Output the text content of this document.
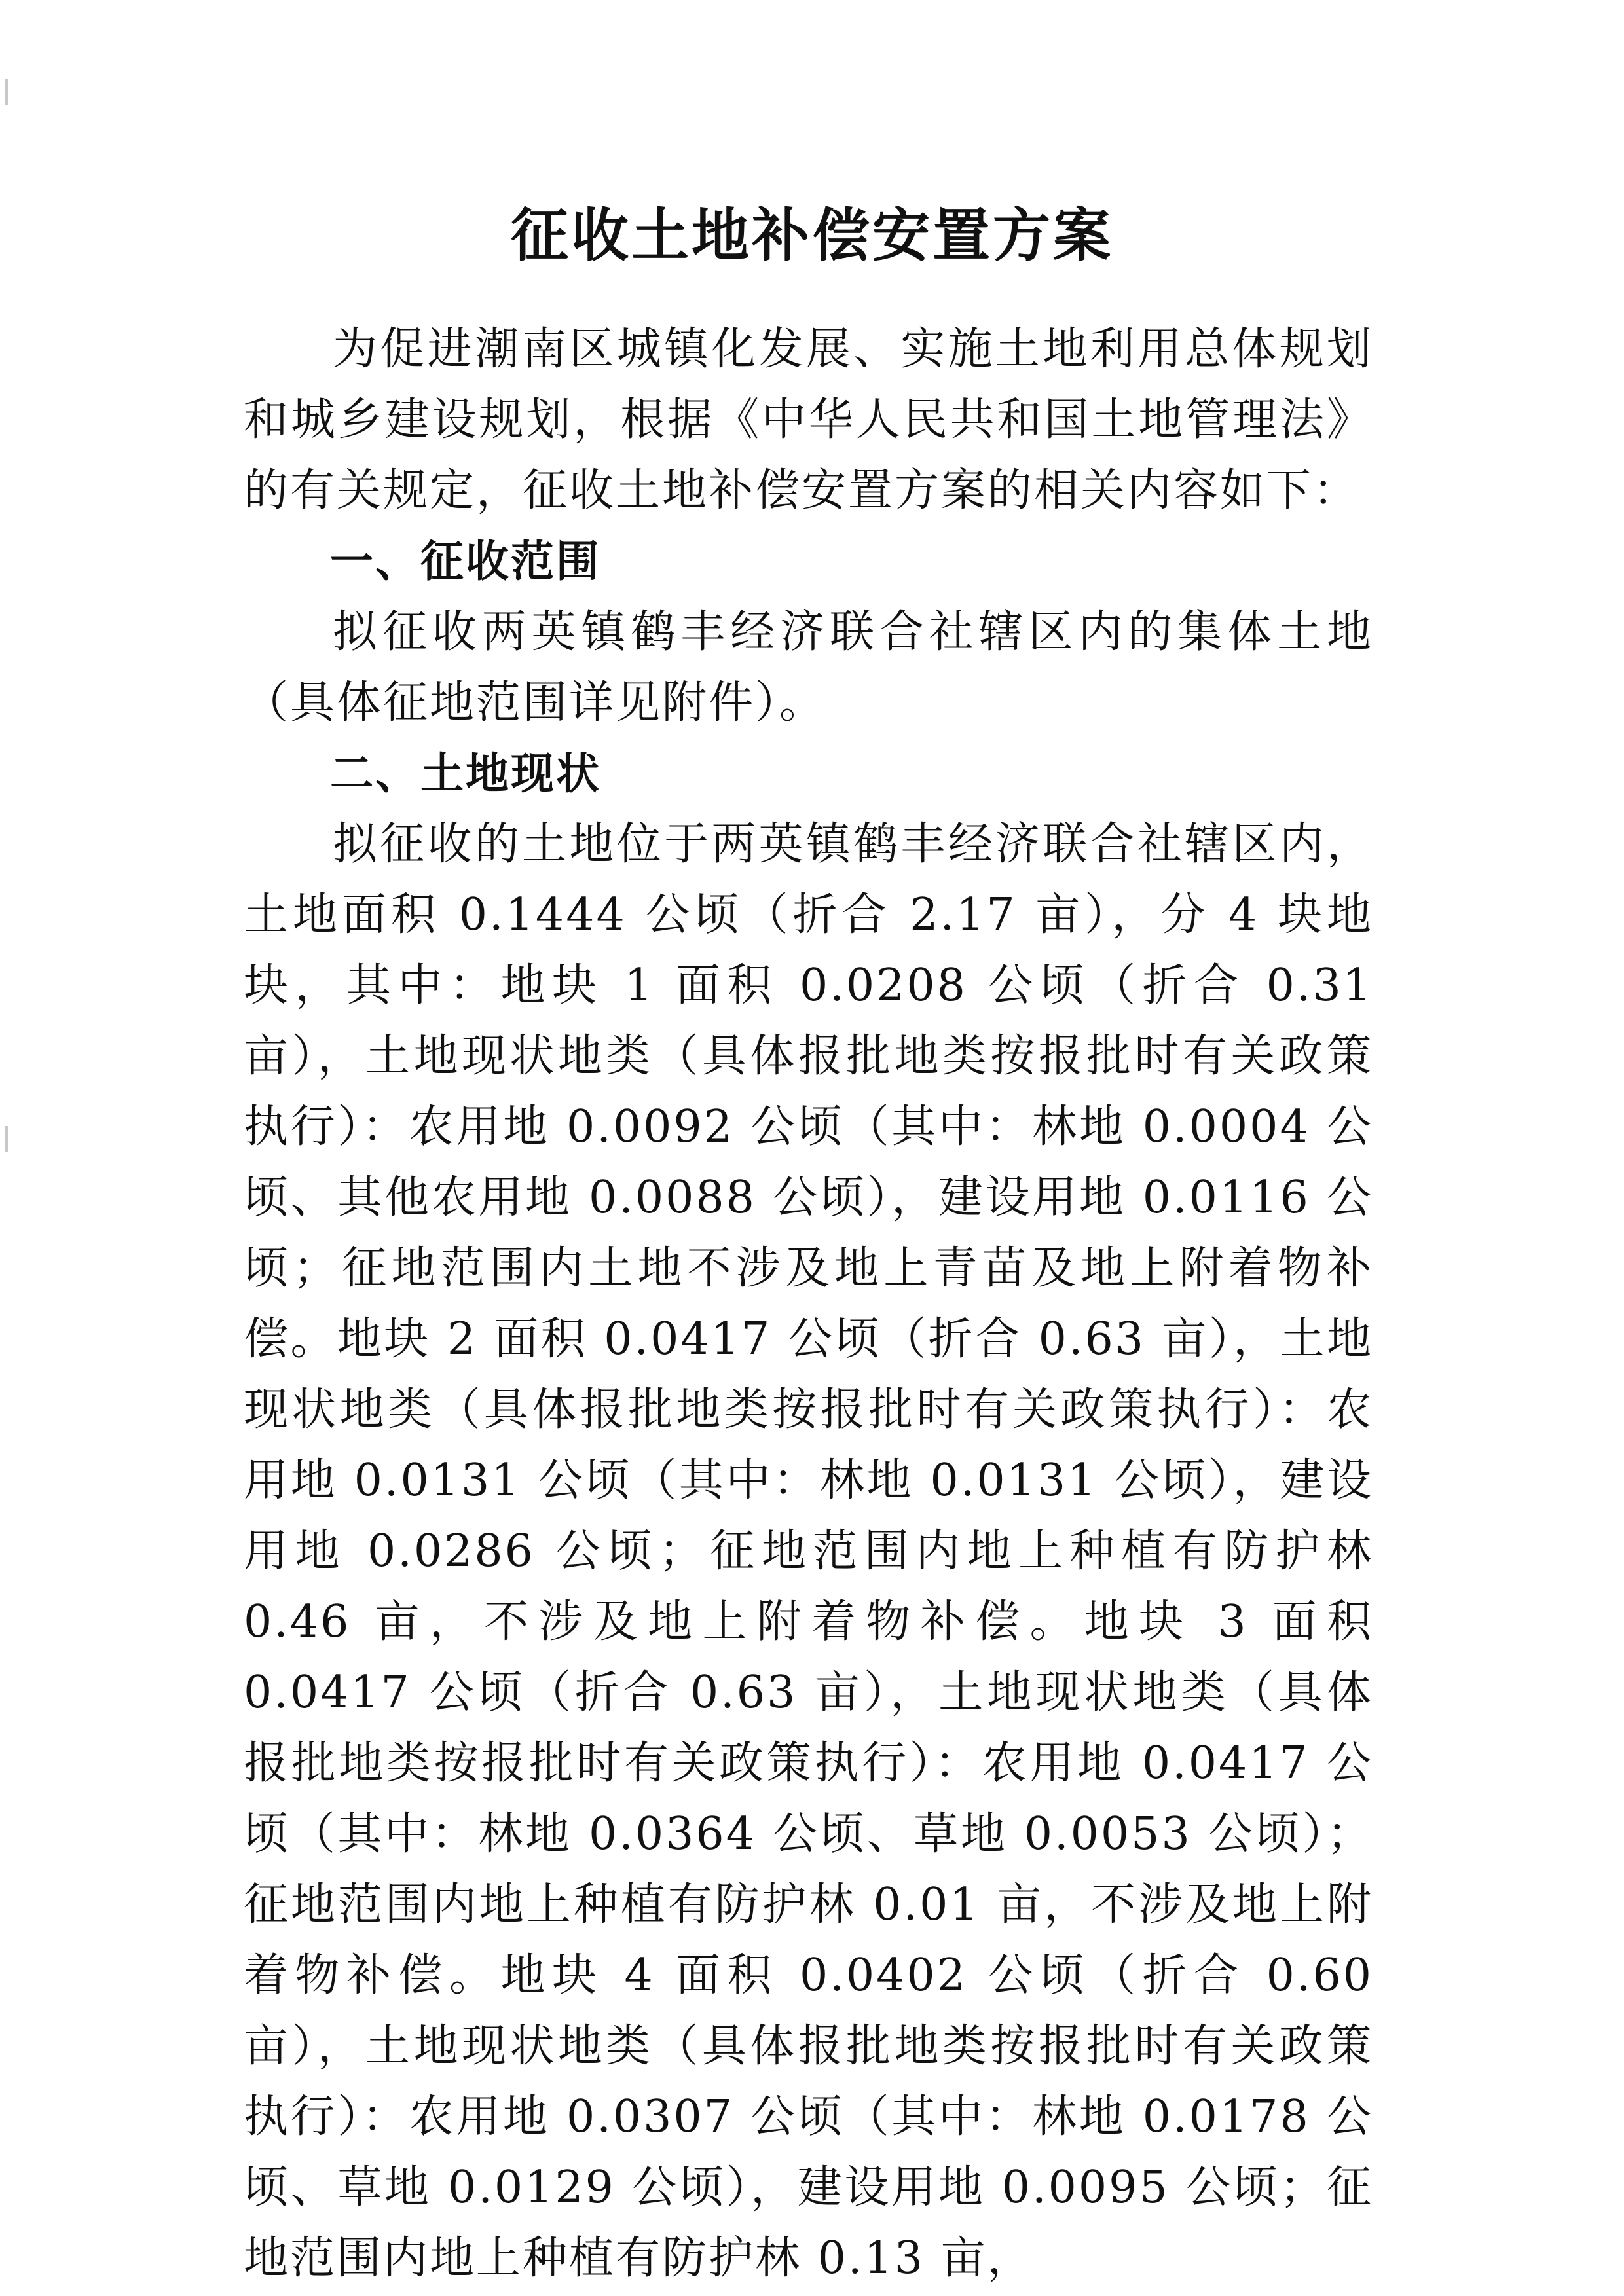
征收土地补偿安置方案

为促进潮南区城镇化发展、实施土地利用总体规划和城乡建设规划，根据《中华人民共和国土地管理法》的有关规定，征收土地补偿安置方案的相关内容如下：

一、征收范围

拟征收两英镇鹤丰经济联合社辖区内的集体土地（具体征地范围详见附件）。

二、土地现状

拟征收的土地位于两英镇鹤丰经济联合社辖区内，土地面积 0.1444 公顷（折合 2.17 亩），分 4 块地块，其中：地块 1 面积 0.0208 公顷（折合 0.31 亩），土地现状地类（具体报批地类按报批时有关政策执行）：农用地 0.0092 公顷（其中：林地 0.0004 公顷、其他农用地 0.0088 公顷），建设用地 0.0116 公顷；征地范围内土地不涉及地上青苗及地上附着物补偿。地块 2 面积 0.0417 公顷（折合 0.63 亩），土地现状地类（具体报批地类按报批时有关政策执行）：农用地 0.0131 公顷（其中：林地 0.0131 公顷），建设用地 0.0286 公顷；征地范围内地上种植有防护林 0.46 亩，不涉及地上附着物补偿。地块 3 面积 0.0417 公顷（折合 0.63 亩），土地现状地类（具体报批地类按报批时有关政策执行）：农用地 0.0417 公顷（其中：林地 0.0364 公顷、草地 0.0053 公顷）；征地范围内地上种植有防护林 0.01 亩，不涉及地上附着物补偿。地块 4 面积 0.0402 公顷（折合 0.60 亩），土地现状地类（具体报批地类按报批时有关政策执行）：农用地 0.0307 公顷（其中：林地 0.0178 公顷、草地 0.0129 公顷），建设用地 0.0095 公顷；征地范围内地上种植有防护林 0.13 亩，
